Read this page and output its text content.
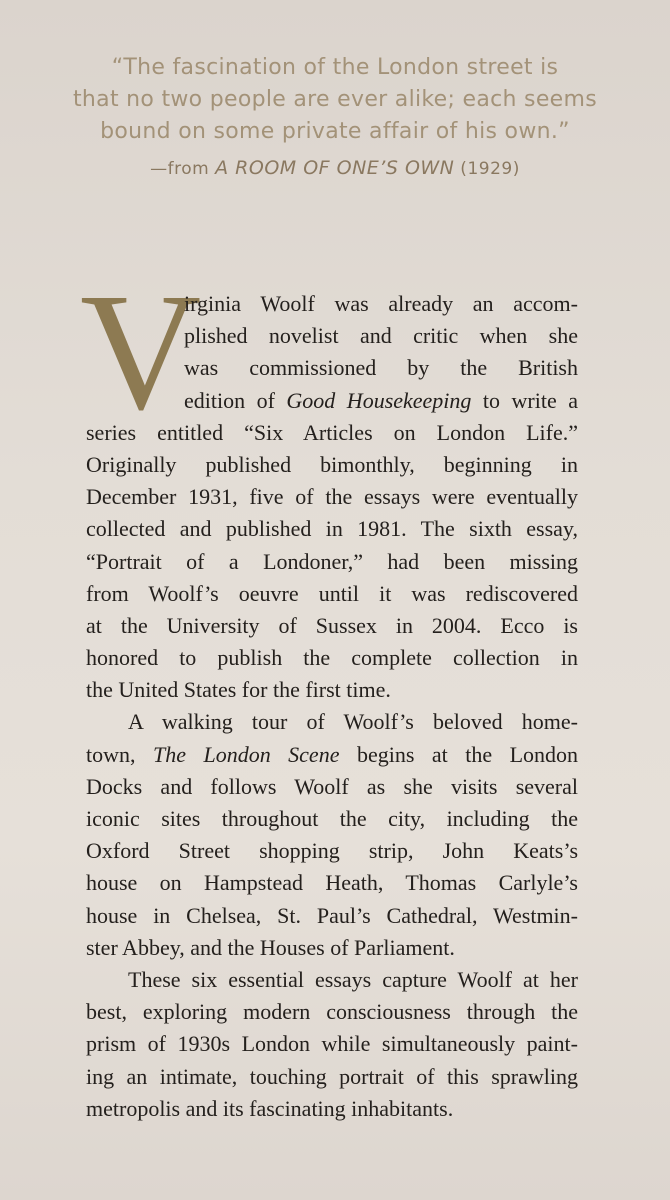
“The fascination of the London street is
that no two people are ever alike; each seems
bound on some private affair of his own.”
—from A ROOM OF ONE’S OWN (1929)
V
irginia Woolf was already an accom-
plished novelist and critic when she
was commissioned by the British
edition of Good Housekeeping to write a
series entitled “Six Articles on London Life.”
Originally published bimonthly, beginning in
December 1931, five of the essays were eventually
collected and published in 1981. The sixth essay,
“Portrait of a Londoner,” had been missing
from Woolf’s oeuvre until it was rediscovered
at the University of Sussex in 2004. Ecco is
honored to publish the complete collection in
the United States for the first time.
A walking tour of Woolf’s beloved home-
town, The London Scene begins at the London
Docks and follows Woolf as she visits several
iconic sites throughout the city, including the
Oxford Street shopping strip, John Keats’s
house on Hampstead Heath, Thomas Carlyle’s
house in Chelsea, St. Paul’s Cathedral, Westmin-
ster Abbey, and the Houses of Parliament.
These six essential essays capture Woolf at her
best, exploring modern consciousness through the
prism of 1930s London while simultaneously paint-
ing an intimate, touching portrait of this sprawling
metropolis and its fascinating inhabitants.
